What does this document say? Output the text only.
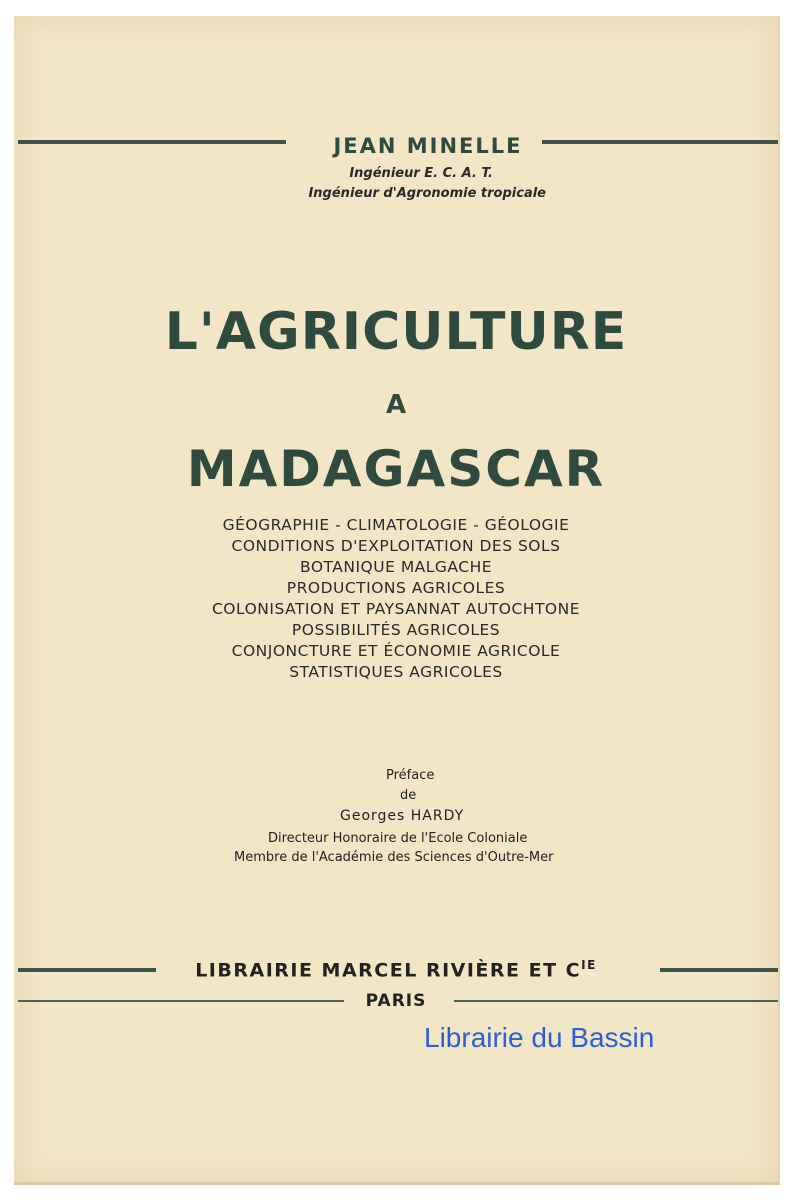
JEAN MINELLE
Ingénieur E. C. A. T.
Ingénieur d'Agronomie tropicale
L'AGRICULTURE
A
MADAGASCAR
GÉOGRAPHIE - CLIMATOLOGIE - GÉOLOGIE
CONDITIONS D'EXPLOITATION DES SOLS
BOTANIQUE MALGACHE
PRODUCTIONS AGRICOLES
COLONISATION ET PAYSANNAT AUTOCHTONE
POSSIBILITÉS AGRICOLES
CONJONCTURE ET ÉCONOMIE AGRICOLE
STATISTIQUES AGRICOLES
Préface
de
Georges HARDY
Directeur Honoraire de l'Ecole Coloniale
Membre de l'Académie des Sciences d'Outre-Mer
LIBRAIRIE MARCEL RIVIÈRE ET $C^{IE}$
PARIS
Librairie du Bassin
